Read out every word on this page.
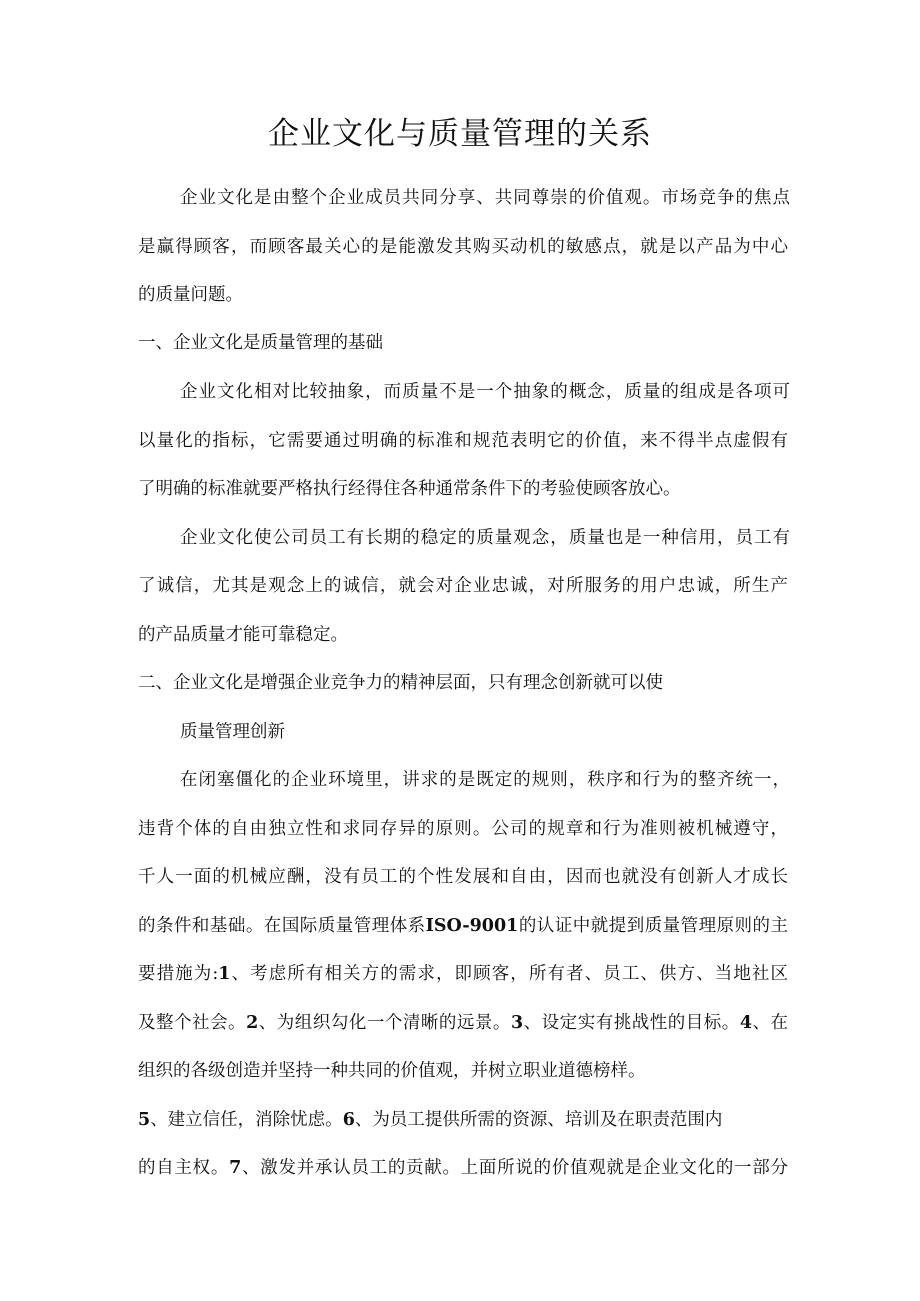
企业文化与质量管理的关系
企业文化是由整个企业成员共同分享、共同尊崇的价值观。市场竞争的焦点
是赢得顾客，而顾客最关心的是能激发其购买动机的敏感点，就是以产品为中心
的质量问题。
一、企业文化是质量管理的基础
企业文化相对比较抽象，而质量不是一个抽象的概念，质量的组成是各项可
以量化的指标，它需要通过明确的标准和规范表明它的价值，来不得半点虚假有
了明确的标准就要严格执行经得住各种通常条件下的考验使顾客放心。
企业文化使公司员工有长期的稳定的质量观念，质量也是一种信用，员工有
了诚信，尤其是观念上的诚信，就会对企业忠诚，对所服务的用户忠诚，所生产
的产品质量才能可靠稳定。
二、企业文化是增强企业竞争力的精神层面，只有理念创新就可以使
质量管理创新
在闭塞僵化的企业环境里，讲求的是既定的规则，秩序和行为的整齐统一，
违背个体的自由独立性和求同存异的原则。公司的规章和行为准则被机械遵守，
千人一面的机械应酬，没有员工的个性发展和自由，因而也就没有创新人才成长
的条件和基础。在国际质量管理体系ISO-9001的认证中就提到质量管理原则的主
要措施为:1、考虑所有相关方的需求，即顾客，所有者、员工、供方、当地社区
及整个社会。2、为组织勾化一个清晰的远景。3、设定实有挑战性的目标。4、在
组织的各级创造并坚持一种共同的价值观，并树立职业道德榜样。
5、建立信任，消除忧虑。6、为员工提供所需的资源、培训及在职责范围内
的自主权。7、激发并承认员工的贡献。上面所说的价值观就是企业文化的一部分
